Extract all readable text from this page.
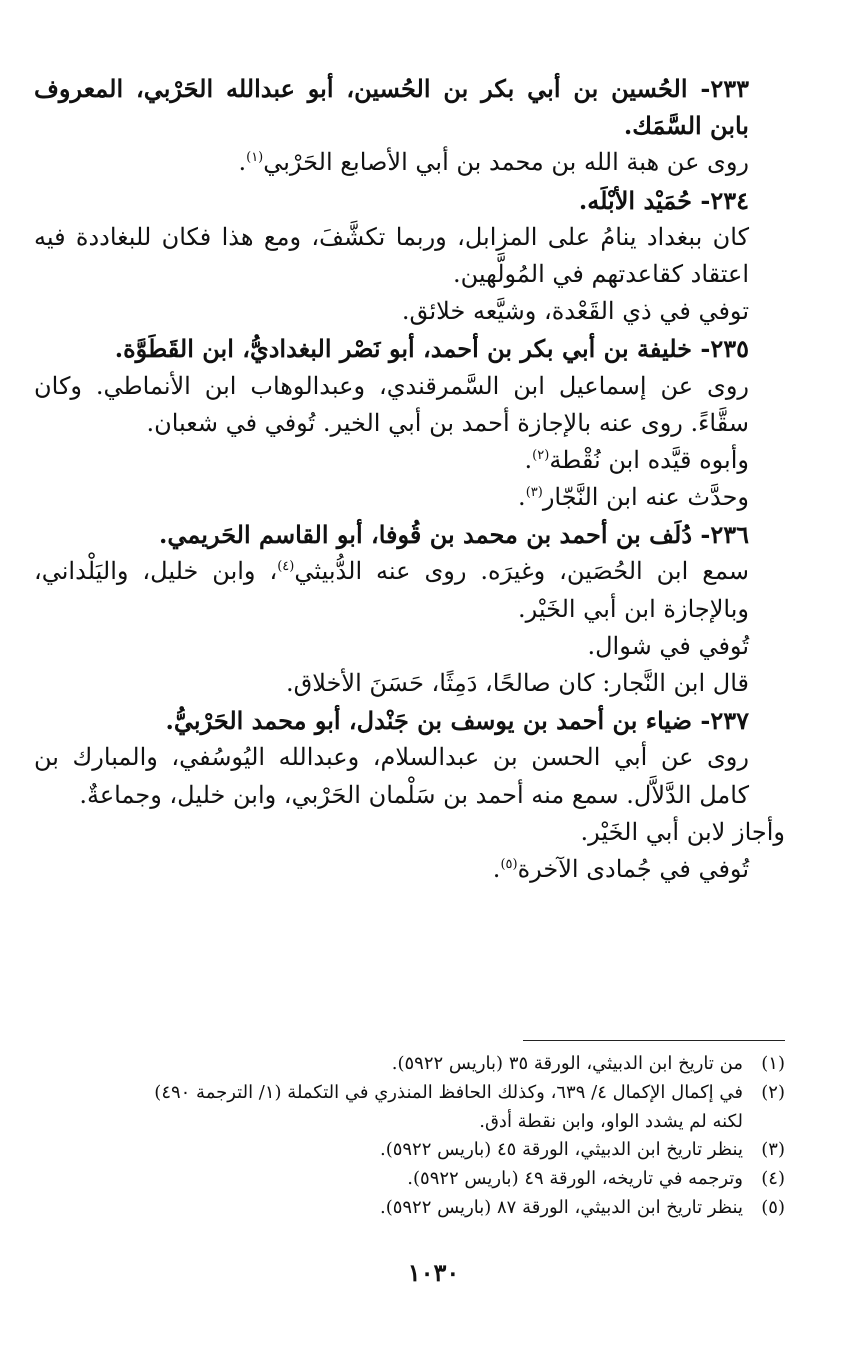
٢٣٣- الحُسين بن أبي بكر بن الحُسين، أبو عبدالله الحَرْبي، المعروف بابن السَّمَك.

روى عن هبة الله بن محمد بن أبي الأصابع الحَرْبي$^{(١)}$.

٢٣٤- حُمَيْد الأبْلَه.

كان ببغداد ينامُ على المزابل، وربما تكشَّفَ، ومع هذا فكان للبغاددة فيه اعتقاد كقاعدتهم في المُولَّهين.

توفي في ذي القَعْدة، وشيَّعه خلائق.

٢٣٥- خليفة بن أبي بكر بن أحمد، أبو نَصْر البغداديُّ، ابن القَطَوَّة.

روى عن إسماعيل ابن السَّمرقندي، وعبدالوهاب ابن الأنماطي. وكان سقَّاءً. روى عنه بالإجازة أحمد بن أبي الخير. تُوفي في شعبان.

وأبوه قيَّده ابن نُقْطة$^{(٢)}$.

وحدَّث عنه ابن النَّجّار$^{(٣)}$.

٢٣٦- دُلَف بن أحمد بن محمد بن قُوفا، أبو القاسم الحَريمي.

سمع ابن الحُصَين، وغيرَه. روى عنه الدُّبيثي$^{(٤)}$، وابن خليل، واليَلْداني، وبالإجازة ابن أبي الخَيْر.

تُوفي في شوال.

قال ابن النَّجار: كان صالحًا، دَمِثًا، حَسَنَ الأخلاق.

٢٣٧- ضياء بن أحمد بن يوسف بن جَنْدل، أبو محمد الحَرْبيُّ.

روى عن أبي الحسن بن عبدالسلام، وعبدالله اليُوسُفي، والمبارك بن كامل الدَّلاَّل. سمع منه أحمد بن سَلْمان الحَرْبي، وابن خليل، وجماعةٌ.

وأجاز لابن أبي الخَيْر.

تُوفي في جُمادى الآخرة$^{(٥)}$.

(١)
من تاريخ ابن الدبيثي، الورقة ٣٥ (باريس ٥٩٢٢).
(٢)
في إكمال الإكمال ٤/ ٦٣٩، وكذلك الحافظ المنذري في التكملة (١/ الترجمة ٤٩٠)
لكنه لم يشدد الواو، وابن نقطة أدق.
(٣)
ينظر تاريخ ابن الدبيثي، الورقة ٤٥ (باريس ٥٩٢٢).
(٤)
وترجمه في تاريخه، الورقة ٤٩ (باريس ٥٩٢٢).
(٥)
ينظر تاريخ ابن الدبيثي، الورقة ٨٧ (باريس ٥٩٢٢).
١٠٣٠
